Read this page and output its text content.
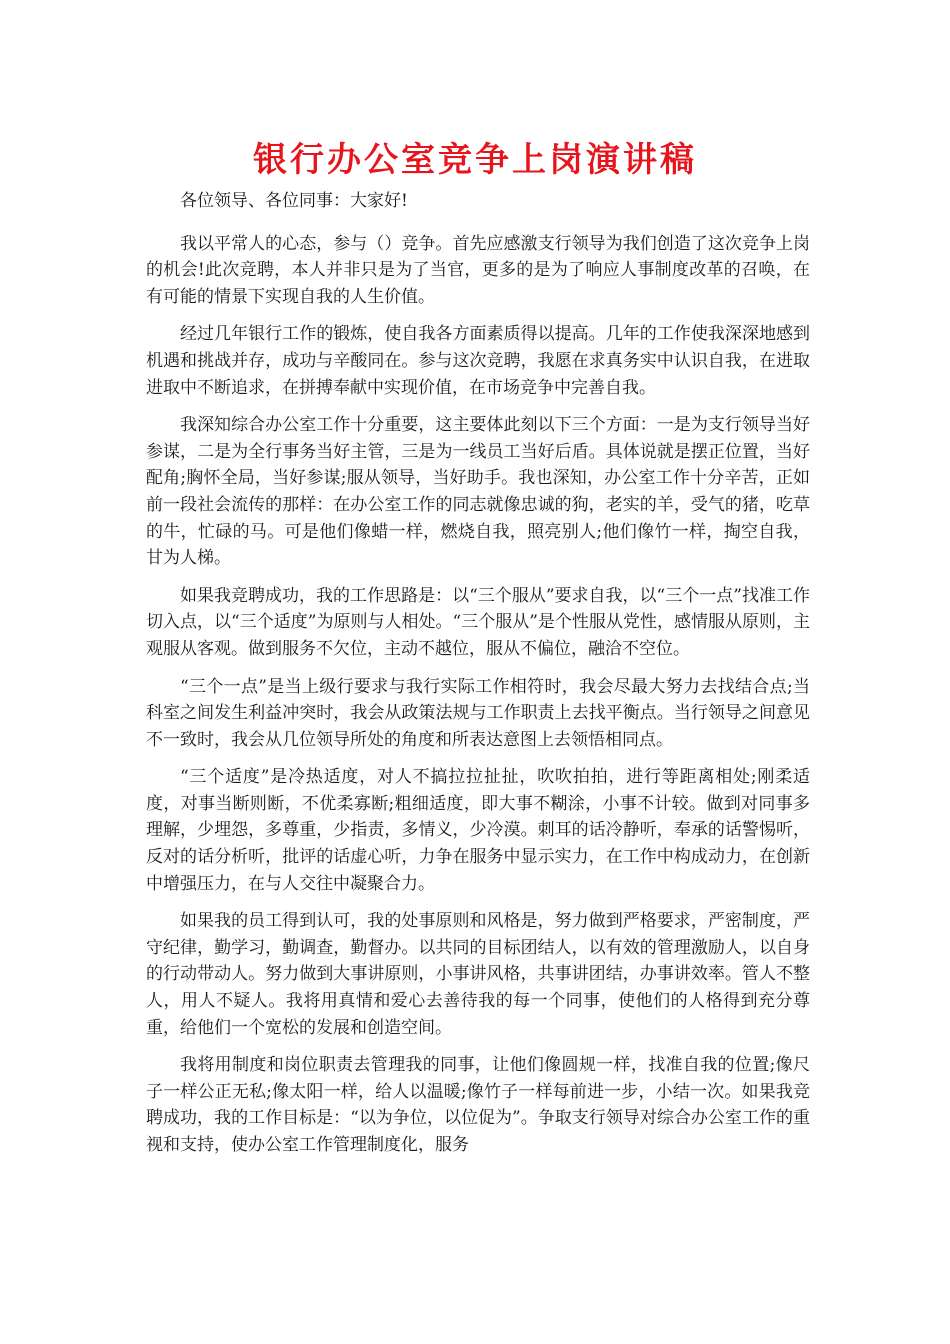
银行办公室竞争上岗演讲稿

各位领导、各位同事：大家好!

我以平常人的心态，参与（）竞争。首先应感激支行领导为我们创造了这次竞争上岗的机会!此次竞聘，本人并非只是为了当官，更多的是为了响应人事制度改革的召唤，在有可能的情景下实现自我的人生价值。

经过几年银行工作的锻炼，使自我各方面素质得以提高。几年的工作使我深深地感到机遇和挑战并存，成功与辛酸同在。参与这次竞聘，我愿在求真务实中认识自我，在进取进取中不断追求，在拼搏奉献中实现价值，在市场竞争中完善自我。

我深知综合办公室工作十分重要，这主要体此刻以下三个方面：一是为支行领导当好参谋，二是为全行事务当好主管，三是为一线员工当好后盾。具体说就是摆正位置，当好配角;胸怀全局，当好参谋;服从领导，当好助手。我也深知，办公室工作十分辛苦，正如前一段社会流传的那样：在办公室工作的同志就像忠诚的狗，老实的羊，受气的猪，吃草的牛，忙碌的马。可是他们像蜡一样，燃烧自我，照亮别人;他们像竹一样，掏空自我，甘为人梯。

如果我竞聘成功，我的工作思路是：以“三个服从”要求自我，以“三个一点”找准工作切入点，以“三个适度”为原则与人相处。“三个服从”是个性服从党性，感情服从原则，主观服从客观。做到服务不欠位，主动不越位，服从不偏位，融洽不空位。

“三个一点”是当上级行要求与我行实际工作相符时，我会尽最大努力去找结合点;当科室之间发生利益冲突时，我会从政策法规与工作职责上去找平衡点。当行领导之间意见不一致时，我会从几位领导所处的角度和所表达意图上去领悟相同点。

“三个适度”是冷热适度，对人不搞拉拉扯扯，吹吹拍拍，进行等距离相处;刚柔适度，对事当断则断，不优柔寡断;粗细适度，即大事不糊涂，小事不计较。做到对同事多理解，少埋怨，多尊重，少指责，多情义，少冷漠。刺耳的话冷静听，奉承的话警惕听，反对的话分析听，批评的话虚心听，力争在服务中显示实力，在工作中构成动力，在创新中增强压力，在与人交往中凝聚合力。

如果我的员工得到认可，我的处事原则和风格是，努力做到严格要求，严密制度，严守纪律，勤学习，勤调查，勤督办。以共同的目标团结人，以有效的管理激励人，以自身的行动带动人。努力做到大事讲原则，小事讲风格，共事讲团结，办事讲效率。管人不整人，用人不疑人。我将用真情和爱心去善待我的每一个同事，使他们的人格得到充分尊重，给他们一个宽松的发展和创造空间。

我将用制度和岗位职责去管理我的同事，让他们像圆规一样，找准自我的位置;像尺子一样公正无私;像太阳一样，给人以温暖;像竹子一样每前进一步，小结一次。如果我竞聘成功，我的工作目标是：“以为争位，以位促为”。争取支行领导对综合办公室工作的重视和支持，使办公室工作管理制度化，服务
